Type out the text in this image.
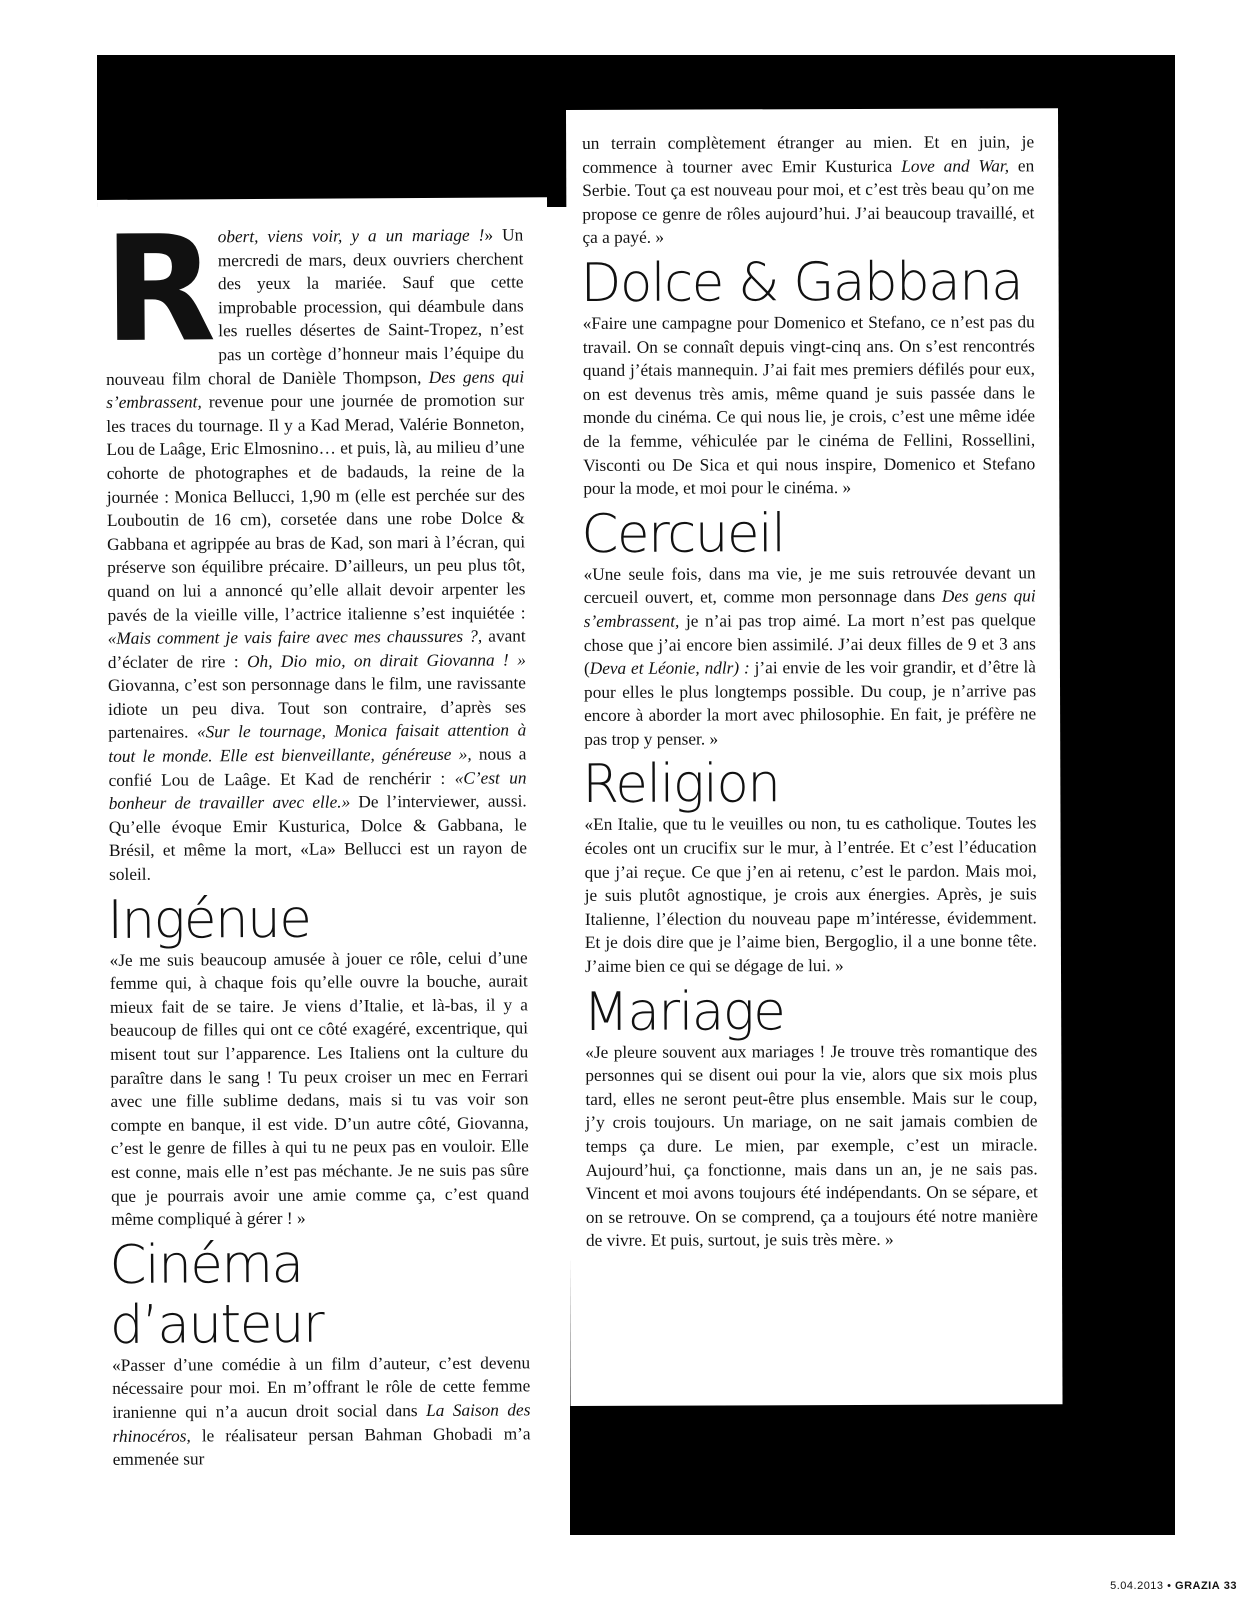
Robert, viens voir, y a un mariage !» Un mercredi de mars, deux ouvriers cherchent des yeux la mariée. Sauf que cette improbable procession, qui déambule dans les ruelles désertes de Saint-Tropez, n’est pas un cortège d’honneur mais l’équipe du nouveau film choral de Danièle Thompson, Des gens qui s’embrassent, revenue pour une journée de promotion sur les traces du tournage. Il y a Kad Merad, Valérie Bonneton, Lou de Laâge, Eric Elmosnino… et puis, là, au milieu d’une cohorte de photographes et de badauds, la reine de la journée : Monica Bellucci, 1,90 m (elle est perchée sur des Louboutin de 16 cm), corsetée dans une robe Dolce & Gabbana et agrippée au bras de Kad, son mari à l’écran, qui préserve son équilibre précaire. D’ailleurs, un peu plus tôt, quand on lui a annoncé qu’elle allait devoir arpenter les pavés de la vieille ville, l’actrice italienne s’est inquiétée : «Mais comment je vais faire avec mes chaussures ?, avant d’éclater de rire : Oh, Dio mio, on dirait Giovanna ! » Giovanna, c’est son personnage dans le film, une ravissante idiote un peu diva. Tout son contraire, d’après ses partenaires. «Sur le tournage, Monica faisait attention à tout le monde. Elle est bienveillante, généreuse », nous a confié Lou de Laâge. Et Kad de renchérir : «C’est un bonheur de travailler avec elle.» De l’interviewer, aussi. Qu’elle évoque Emir Kusturica, Dolce & Gabbana, le Brésil, et même la mort, «La» Bellucci est un rayon de soleil.

Ingénue

«Je me suis beaucoup amusée à jouer ce rôle, celui d’une femme qui, à chaque fois qu’elle ouvre la bouche, aurait mieux fait de se taire. Je viens d’Italie, et là-bas, il y a beaucoup de filles qui ont ce côté exagéré, excentrique, qui misent tout sur l’apparence. Les Italiens ont la culture du paraître dans le sang ! Tu peux croiser un mec en Ferrari avec une fille sublime dedans, mais si tu vas voir son compte en banque, il est vide. D’un autre côté, Giovanna, c’est le genre de filles à qui tu ne peux pas en vouloir. Elle est conne, mais elle n’est pas méchante. Je ne suis pas sûre que je pourrais avoir une amie comme ça, c’est quand même compliqué à gérer ! »

Cinéma d’auteur

«Passer d’une comédie à un film d’auteur, c’est devenu nécessaire pour moi. En m’offrant le rôle de cette femme iranienne qui n’a aucun droit social dans La Saison des rhinocéros, le réalisateur persan Bahman Ghobadi m’a emmenée sur

un terrain complètement étranger au mien. Et en juin, je commence à tourner avec Emir Kusturica Love and War, en Serbie. Tout ça est nouveau pour moi, et c’est très beau qu’on me propose ce genre de rôles aujourd’hui. J’ai beaucoup travaillé, et ça a payé. »

Dolce & Gabbana

«Faire une campagne pour Domenico et Stefano, ce n’est pas du travail. On se connaît depuis vingt-cinq ans. On s’est rencontrés quand j’étais mannequin. J’ai fait mes premiers défilés pour eux, on est devenus très amis, même quand je suis passée dans le monde du cinéma. Ce qui nous lie, je crois, c’est une même idée de la femme, véhiculée par le cinéma de Fellini, Rossellini, Visconti ou De Sica et qui nous inspire, Domenico et Stefano pour la mode, et moi pour le cinéma. »

Cercueil

«Une seule fois, dans ma vie, je me suis retrouvée devant un cercueil ouvert, et, comme mon personnage dans Des gens qui s’embrassent, je n’ai pas trop aimé. La mort n’est pas quelque chose que j’ai encore bien assimilé. J’ai deux filles de 9 et 3 ans (Deva et Léonie, ndlr) : j’ai envie de les voir grandir, et d’être là pour elles le plus longtemps possible. Du coup, je n’arrive pas encore à aborder la mort avec philosophie. En fait, je préfère ne pas trop y penser. »

Religion

«En Italie, que tu le veuilles ou non, tu es catholique. Toutes les écoles ont un crucifix sur le mur, à l’entrée. Et c’est l’éducation que j’ai reçue. Ce que j’en ai retenu, c’est le pardon. Mais moi, je suis plutôt agnostique, je crois aux énergies. Après, je suis Italienne, l’élection du nouveau pape m’intéresse, évidemment. Et je dois dire que je l’aime bien, Bergoglio, il a une bonne tête. J’aime bien ce qui se dégage de lui. »

Mariage

«Je pleure souvent aux mariages ! Je trouve très romantique des personnes qui se disent oui pour la vie, alors que six mois plus tard, elles ne seront peut-être plus ensemble. Mais sur le coup, j’y crois toujours. Un mariage, on ne sait jamais combien de temps ça dure. Le mien, par exemple, c’est un miracle. Aujourd’hui, ça fonctionne, mais dans un an, je ne sais pas. Vincent et moi avons toujours été indépendants. On se sépare, et on se retrouve. On se comprend, ça a toujours été notre manière de vivre. Et puis, surtout, je suis très mère. »

5.04.2013 • GRAZIA 33
